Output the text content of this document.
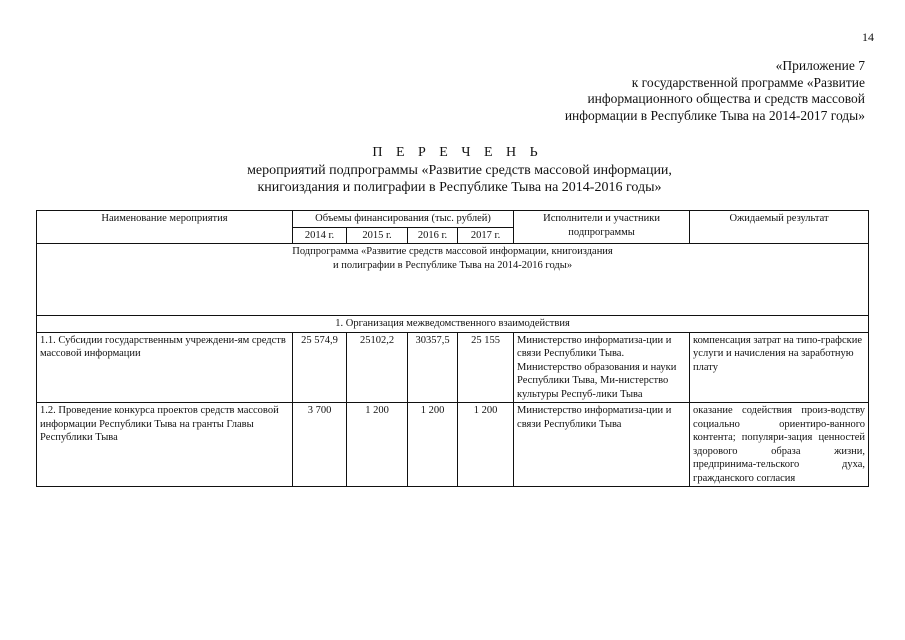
14
«Приложение 7
к государственной программе «Развитие
информационного общества и средств массовой
информации в Республике Тыва на 2014-2017 годы»
П Е Р Е Ч Е Н Ь
мероприятий подпрограммы «Развитие средств массовой информации,
книгоиздания и полиграфии в Республике Тыва на 2014-2016 годы»
Наименование мероприятия	Объемы финансирования (тыс. рублей)				Исполнители и участники подпрограммы	Ожидаемый результат
	2014 г.	2015 г.	2016 г.	2017 г.		

Подпрограмма «Развитие средств массовой информации, книгоиздания
и полиграфии в Республике Тыва на 2014-2016 годы»						

1. Организация межведомственного взаимодействия						
1.1. Субсидии государственным учреждени-ям средств массовой информации	25 574,9	25102,2	30357,5	25 155	Министерство информатиза-ции и связи Республики Тыва. Министерство образования и науки Республики Тыва, Ми-нистерство культуры Респуб-лики Тыва	компенсация затрат на типо-графские услуги и начисления на заработную плату
1.2. Проведение конкурса проектов средств массовой информации Республики Тыва на гранты Главы Республики Тыва	3 700	1 200	1 200	1 200	Министерство информатиза-ции и связи Республики Тыва	оказание содействия произ-водству социально ориентиро-ванного контента; популяри-зация ценностей здорового образа жизни, предпринима-тельского духа, гражданского согласия
